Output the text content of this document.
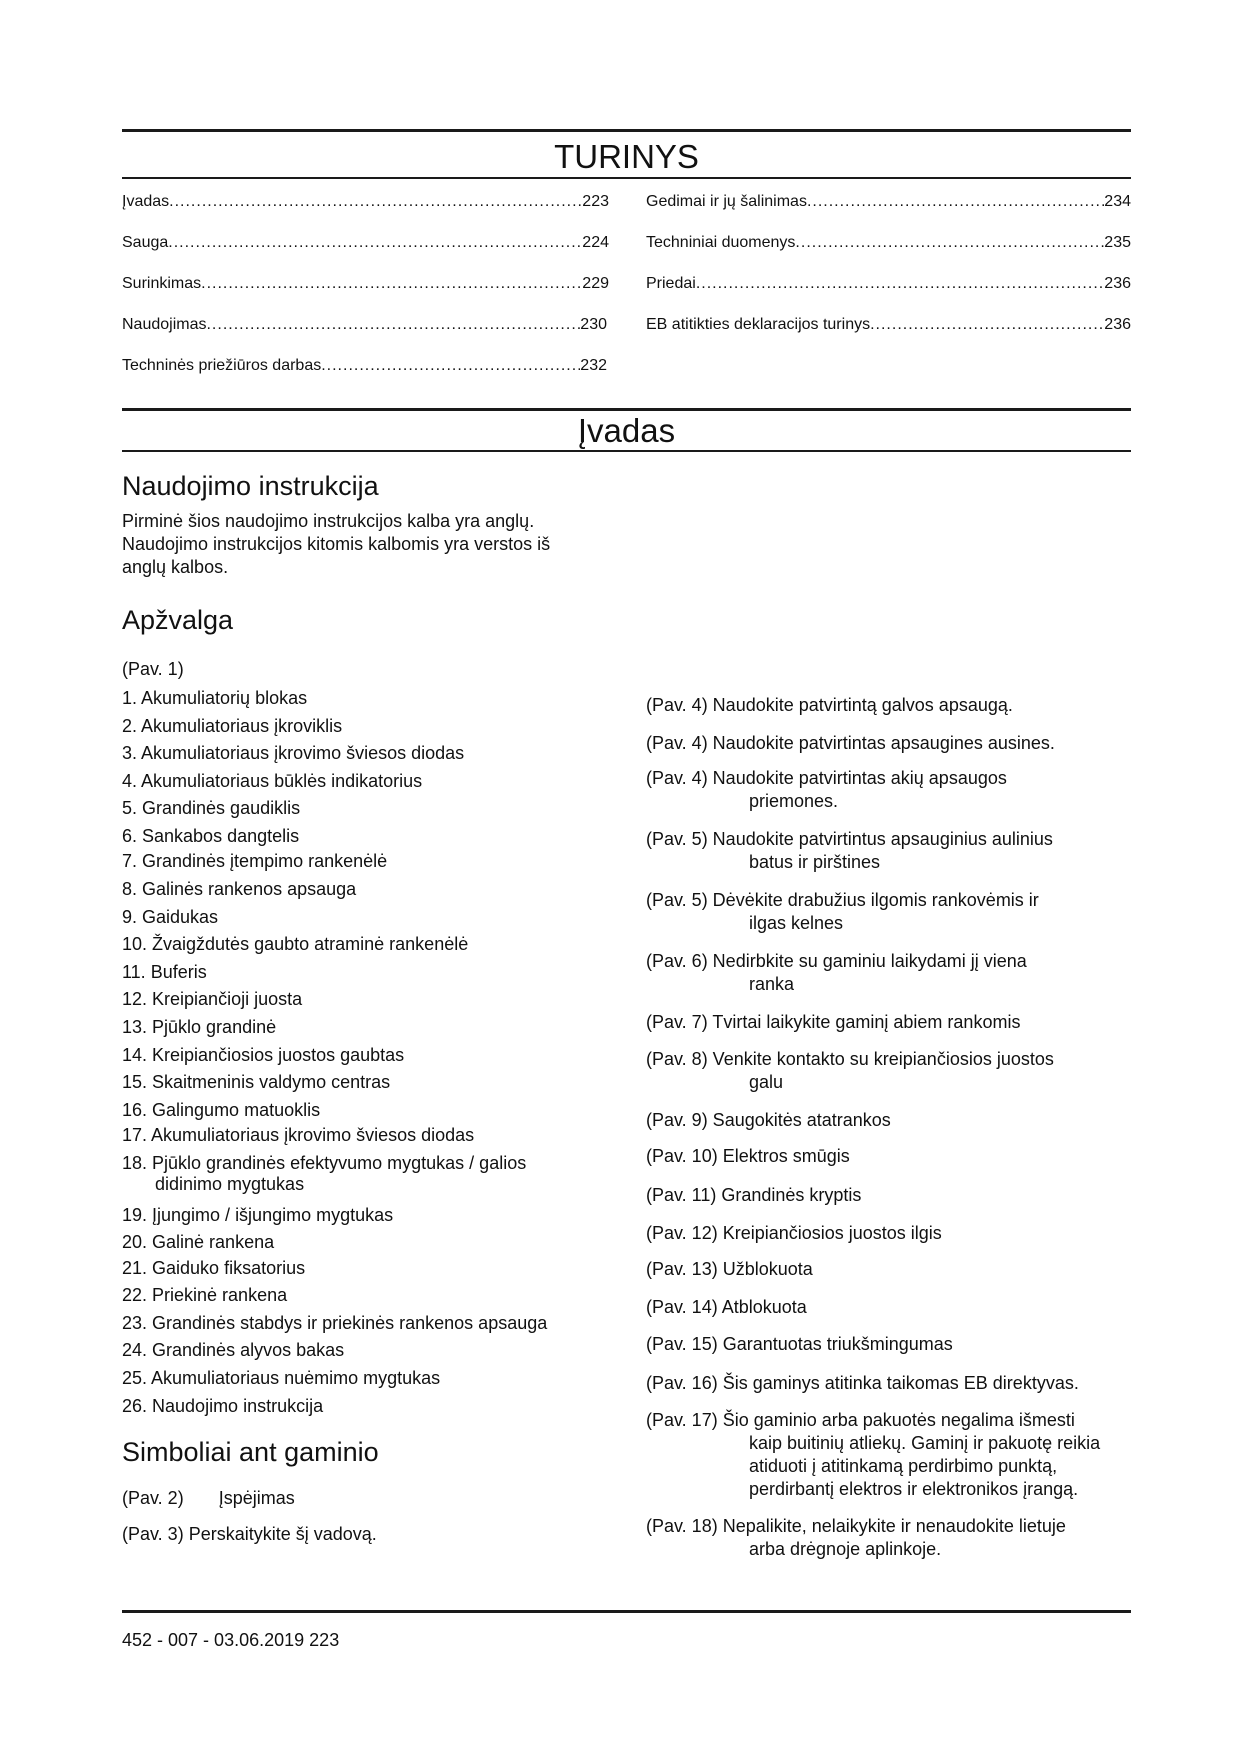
TURINYS
Įvadas .....	223
Sauga .....	224
Surinkimas .....	229
Naudojimas .....	230
Techninės priežiūros darbas .....	232
Gedimai ir jų šalinimas .....	234
Techniniai duomenys .....	235
Priedai .....	236
EB atitikties deklaracijos turinys .....	236
Įvadas
Naudojimo instrukcija
Pirminė šios naudojimo instrukcijos kalba yra anglų.
Naudojimo instrukcijos kitomis kalbomis yra verstos iš
anglų kalbos.
Apžvalga
(Pav. 1)
1. Akumuliatorių blokas
2. Akumuliatoriaus įkroviklis
3. Akumuliatoriaus įkrovimo šviesos diodas
4. Akumuliatoriaus būklės indikatorius
5. Grandinės gaudiklis
6. Sankabos dangtelis
7. Grandinės įtempimo rankenėlė
8. Galinės rankenos apsauga
9. Gaidukas
10. Žvaigždutės gaubto atraminė rankenėlė
11. Buferis
12. Kreipiančioji juosta
13. Pjūklo grandinė
14. Kreipiančiosios juostos gaubtas
15. Skaitmeninis valdymo centras
16. Galingumo matuoklis
17. Akumuliatoriaus įkrovimo šviesos diodas
18. Pjūklo grandinės efektyvumo mygtukas / galios
didinimo mygtukas
19. Įjungimo / išjungimo mygtukas
20. Galinė rankena
21. Gaiduko fiksatorius
22. Priekinė rankena
23. Grandinės stabdys ir priekinės rankenos apsauga
24. Grandinės alyvos bakas
25. Akumuliatoriaus nuėmimo mygtukas
26. Naudojimo instrukcija
Simboliai ant gaminio
(Pav. 2) Įspėjimas
(Pav. 3) Perskaitykite šį vadovą.
(Pav. 4) Naudokite patvirtintą galvos apsaugą.
(Pav. 4) Naudokite patvirtintas apsaugines ausines.
(Pav. 4) Naudokite patvirtintas akių apsaugos
priemones.
(Pav. 5) Naudokite patvirtintus apsauginius aulinius
batus ir pirštines
(Pav. 5) Dėvėkite drabužius ilgomis rankovėmis ir
ilgas kelnes
(Pav. 6) Nedirbkite su gaminiu laikydami jį viena
ranka
(Pav. 7) Tvirtai laikykite gaminį abiem rankomis
(Pav. 8) Venkite kontakto su kreipiančiosios juostos
galu
(Pav. 9) Saugokitės atatrankos
(Pav. 10) Elektros smūgis
(Pav. 11) Grandinės kryptis
(Pav. 12) Kreipiančiosios juostos ilgis
(Pav. 13) Užblokuota
(Pav. 14) Atblokuota
(Pav. 15) Garantuotas triukšmingumas
(Pav. 16) Šis gaminys atitinka taikomas EB direktyvas.
(Pav. 17) Šio gaminio arba pakuotės negalima išmesti
kaip buitinių atliekų. Gaminį ir pakuotę reikia
atiduoti į atitinkamą perdirbimo punktą,
perdirbantį elektros ir elektronikos įrangą.
(Pav. 18) Nepalikite, nelaikykite ir nenaudokite lietuje
arba drėgnoje aplinkoje.
452 - 007 - 03.06.2019 223
